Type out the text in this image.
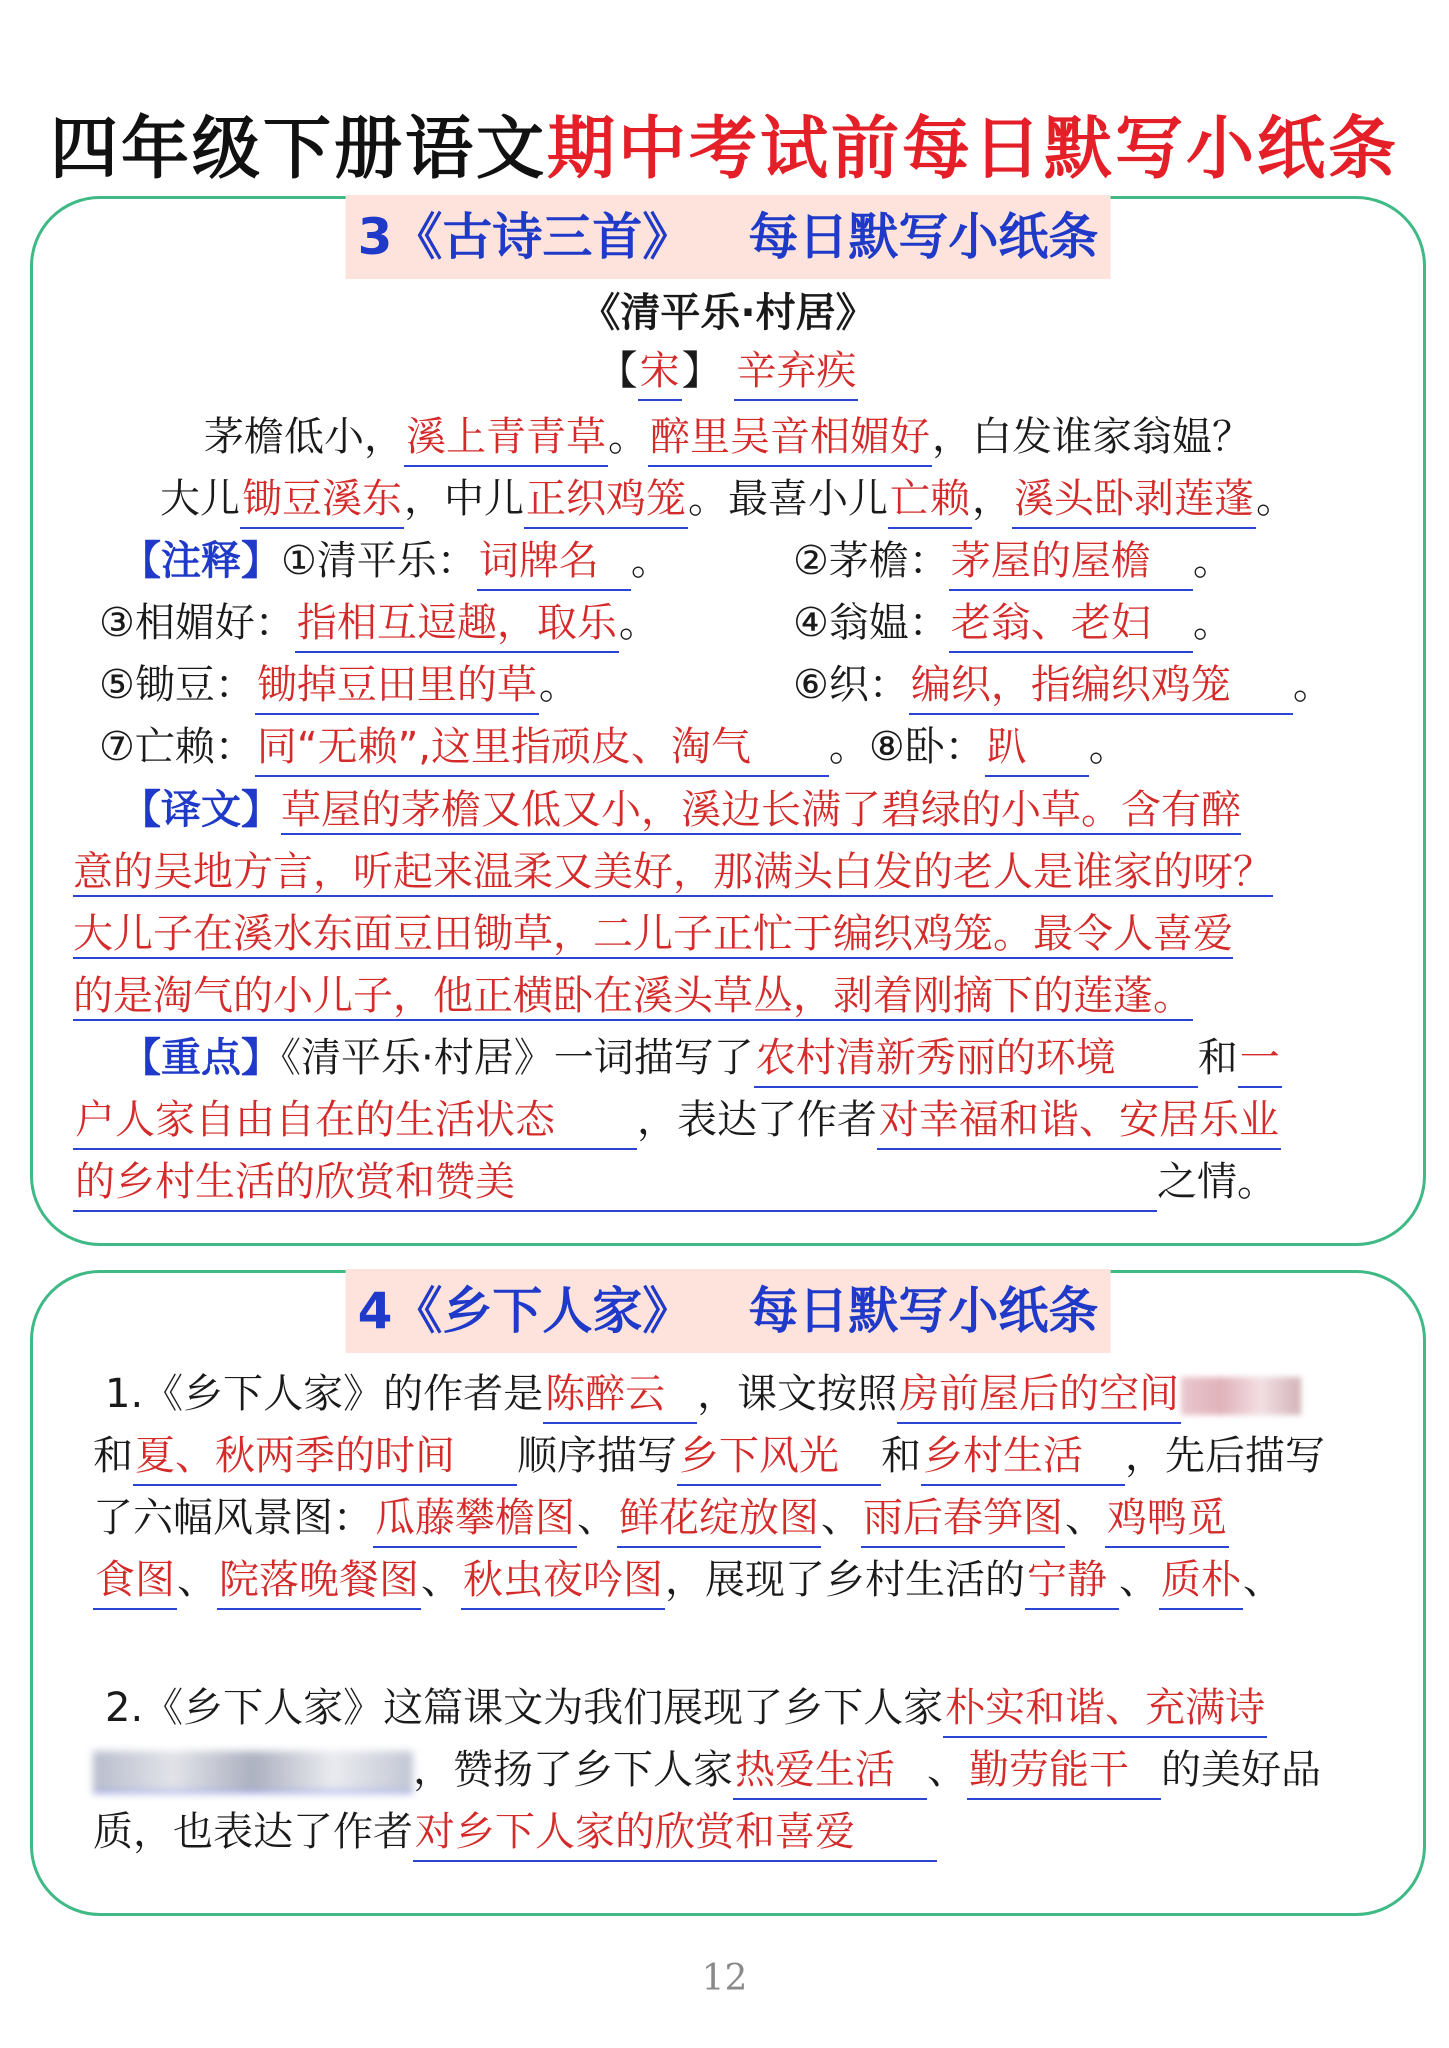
四年级下册语文期中考试前每日默写小纸条
3《古诗三首》 每日默写小纸条
《清平乐·村居》
【宋】 辛弃疾
茅檐低小，溪上青青草。醉里吴音相媚好，白发谁家翁媪？
大儿锄豆溪东，中儿正织鸡笼。最喜小儿亡赖，溪头卧剥莲蓬。
【注释】①清平乐：词牌名 。	②茅檐：茅屋的屋檐 。
③相媚好：指相互逗趣，取乐。	④翁媪：老翁、老妇 。
⑤锄豆：锄掉豆田里的草。	⑥织：编织，指编织鸡笼 。
⑦亡赖：同“无赖”,这里指顽皮、淘气 。⑧卧：趴 。
【译文】草屋的茅檐又低又小，溪边长满了碧绿的小草。含有醉
意的吴地方言，听起来温柔又美好，那满头白发的老人是谁家的呀？
大儿子在溪水东面豆田锄草，二儿子正忙于编织鸡笼。最令人喜爱
的是淘气的小儿子，他正横卧在溪头草丛，剥着刚摘下的莲蓬。
【重点】《清平乐·村居》一词描写了农村清新秀丽的环境 和一
户人家自由自在的生活状态 ，表达了作者对幸福和谐、安居乐业
的乡村生活的欣赏和赞美	之情。
4《乡下人家》 每日默写小纸条
1.《乡下人家》的作者是陈醉云 ，课文按照房前屋后的空间
和夏、秋两季的时间 顺序描写乡下风光 和乡村生活 ，先后描写
了六幅风景图：瓜藤攀檐图、鲜花绽放图、雨后春笋图、鸡鸭觅
食图、院落晚餐图、秋虫夜吟图，展现了乡村生活的宁静 、质朴、
2.《乡下人家》这篇课文为我们展现了乡下人家朴实和谐、充满诗
，赞扬了乡下人家热爱生活 、勤劳能干 的美好品
质，也表达了作者对乡下人家的欣赏和喜爱
12
